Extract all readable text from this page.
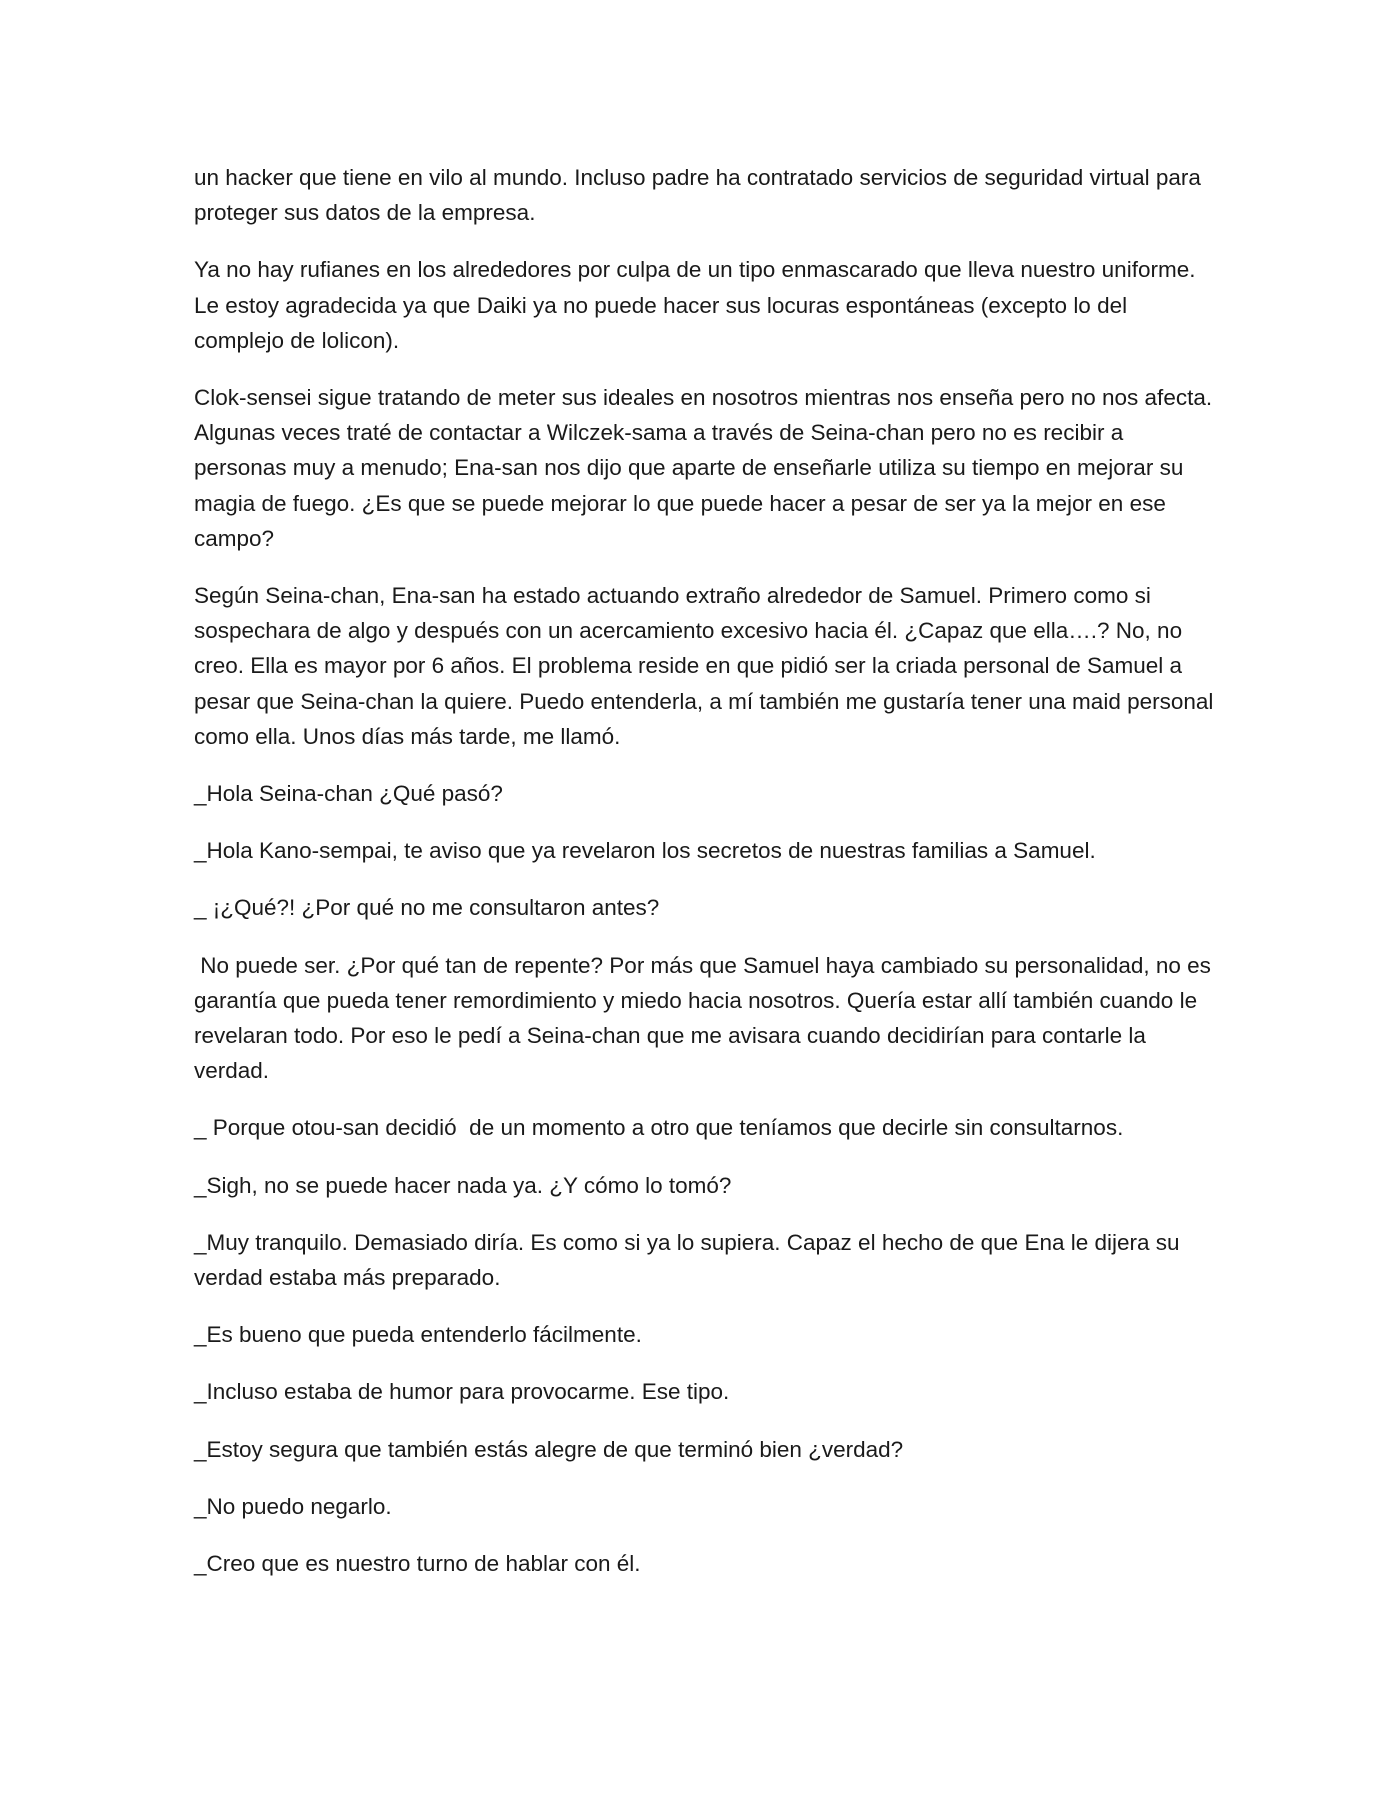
un hacker que tiene en vilo al mundo. Incluso padre ha contratado servicios de seguridad virtual para proteger sus datos de la empresa.

Ya no hay rufianes en los alrededores por culpa de un tipo enmascarado que lleva nuestro uniforme. Le estoy agradecida ya que Daiki ya no puede hacer sus locuras espontáneas (excepto lo del complejo de lolicon).

Clok-sensei sigue tratando de meter sus ideales en nosotros mientras nos enseña pero no nos afecta. Algunas veces traté de contactar a Wilczek-sama a través de Seina-chan pero no es recibir a personas muy a menudo; Ena-san nos dijo que aparte de enseñarle utiliza su tiempo en mejorar su magia de fuego. ¿Es que se puede mejorar lo que puede hacer a pesar de ser ya la mejor en ese campo?

Según Seina-chan, Ena-san ha estado actuando extraño alrededor de Samuel. Primero como si sospechara de algo y después con un acercamiento excesivo hacia él. ¿Capaz que ella….? No, no creo. Ella es mayor por 6 años. El problema reside en que pidió ser la criada personal de Samuel a pesar que Seina-chan la quiere. Puedo entenderla, a mí también me gustaría tener una maid personal como ella. Unos días más tarde, me llamó.

_Hola Seina-chan ¿Qué pasó?

_Hola Kano-sempai, te aviso que ya revelaron los secretos de nuestras familias a Samuel.

_ ¡¿Qué?! ¿Por qué no me consultaron antes?

No puede ser. ¿Por qué tan de repente? Por más que Samuel haya cambiado su personalidad, no es garantía que pueda tener remordimiento y miedo hacia nosotros. Quería estar allí también cuando le revelaran todo. Por eso le pedí a Seina-chan que me avisara cuando decidirían para contarle la verdad.

_ Porque otou-san decidió  de un momento a otro que teníamos que decirle sin consultarnos.

_Sigh, no se puede hacer nada ya. ¿Y cómo lo tomó?

_Muy tranquilo. Demasiado diría. Es como si ya lo supiera. Capaz el hecho de que Ena le dijera su verdad estaba más preparado.

_Es bueno que pueda entenderlo fácilmente.

_Incluso estaba de humor para provocarme. Ese tipo.

_Estoy segura que también estás alegre de que terminó bien ¿verdad?

_No puedo negarlo.

_Creo que es nuestro turno de hablar con él.
